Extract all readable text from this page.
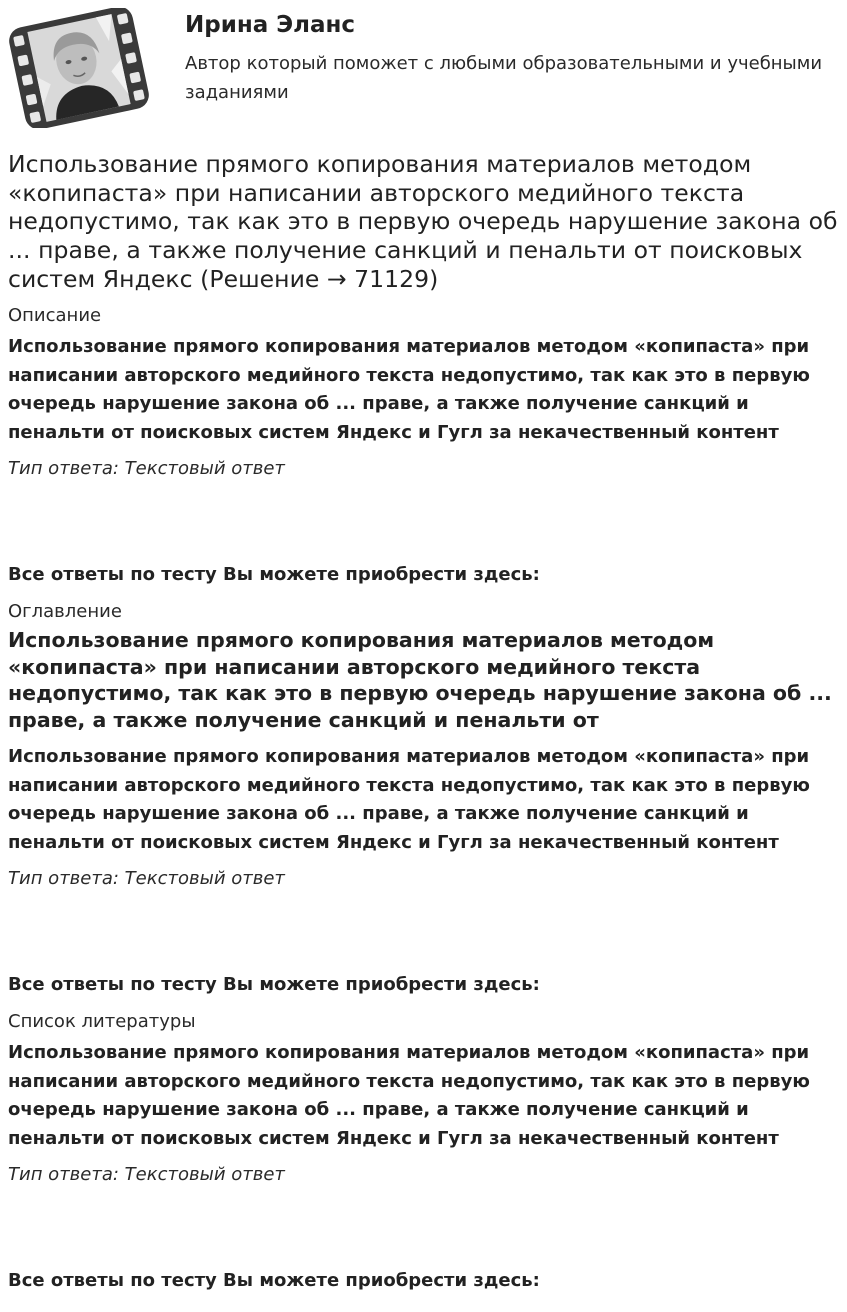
Ирина Эланс
Автор который поможет с любыми образовательными и учебными заданиями
Использование прямого копирования материалов методом «копипаста» при написании авторского медийного текста недопустимо, так как это в первую очередь нарушение закона об ... праве, а также получение санкций и пенальти от поисковых систем Яндекс (Решение → 71129)
Описание
Использование прямого копирования материалов методом «копипаста» при написании авторского медийного текста недопустимо, так как это в первую очередь нарушение закона об ... праве, а также получение санкций и пенальти от поисковых систем Яндекс и Гугл за некачественный контент
Тип ответа: Текстовый ответ
Все ответы по тесту Вы можете приобрести здесь:
Оглавление
Использование прямого копирования материалов методом «копипаста» при написании авторского медийного текста недопустимо, так как это в первую очередь нарушение закона об ... праве, а также получение санкций и пенальти от
Использование прямого копирования материалов методом «копипаста» при написании авторского медийного текста недопустимо, так как это в первую очередь нарушение закона об ... праве, а также получение санкций и пенальти от поисковых систем Яндекс и Гугл за некачественный контент
Тип ответа: Текстовый ответ
Все ответы по тесту Вы можете приобрести здесь:
Список литературы
Использование прямого копирования материалов методом «копипаста» при написании авторского медийного текста недопустимо, так как это в первую очередь нарушение закона об ... праве, а также получение санкций и пенальти от поисковых систем Яндекс и Гугл за некачественный контент
Тип ответа: Текстовый ответ
Все ответы по тесту Вы можете приобрести здесь:
